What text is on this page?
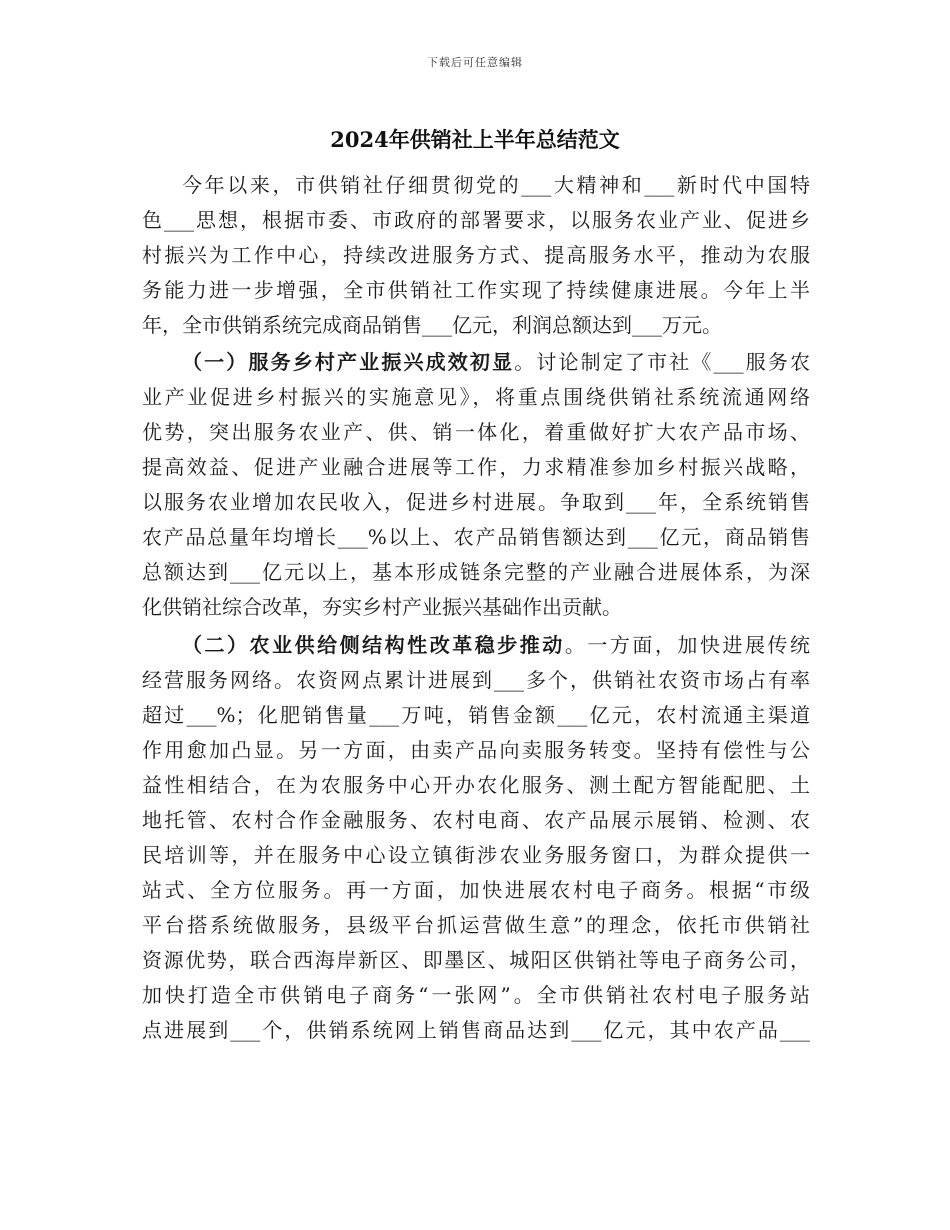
下载后可任意编辑
2024年供销社上半年总结范文
今年以来，市供销社仔细贯彻党的___大精神和___新时代中国特
色___思想，根据市委、市政府的部署要求，以服务农业产业、促进乡
村振兴为工作中心，持续改进服务方式、提高服务水平，推动为农服
务能力进一步增强，全市供销社工作实现了持续健康进展。今年上半
年，全市供销系统完成商品销售___亿元，利润总额达到___万元。
（一）服务乡村产业振兴成效初显。讨论制定了市社《___服务农
业产业促进乡村振兴的实施意见》，将重点围绕供销社系统流通网络
优势，突出服务农业产、供、销一体化，着重做好扩大农产品市场、
提高效益、促进产业融合进展等工作，力求精准参加乡村振兴战略，
以服务农业增加农民收入，促进乡村进展。争取到___年，全系统销售
农产品总量年均增长___%以上、农产品销售额达到___亿元，商品销售
总额达到___亿元以上，基本形成链条完整的产业融合进展体系，为深
化供销社综合改革，夯实乡村产业振兴基础作出贡献。
（二）农业供给侧结构性改革稳步推动。一方面，加快进展传统
经营服务网络。农资网点累计进展到___多个，供销社农资市场占有率
超过___%；化肥销售量___万吨，销售金额___亿元，农村流通主渠道
作用愈加凸显。另一方面，由卖产品向卖服务转变。坚持有偿性与公
益性相结合，在为农服务中心开办农化服务、测土配方智能配肥、土
地托管、农村合作金融服务、农村电商、农产品展示展销、检测、农
民培训等，并在服务中心设立镇街涉农业务服务窗口，为群众提供一
站式、全方位服务。再一方面，加快进展农村电子商务。根据“市级
平台搭系统做服务，县级平台抓运营做生意”的理念，依托市供销社
资源优势，联合西海岸新区、即墨区、城阳区供销社等电子商务公司，
加快打造全市供销电子商务“一张网”。全市供销社农村电子服务站
点进展到___个，供销系统网上销售商品达到___亿元，其中农产品___
